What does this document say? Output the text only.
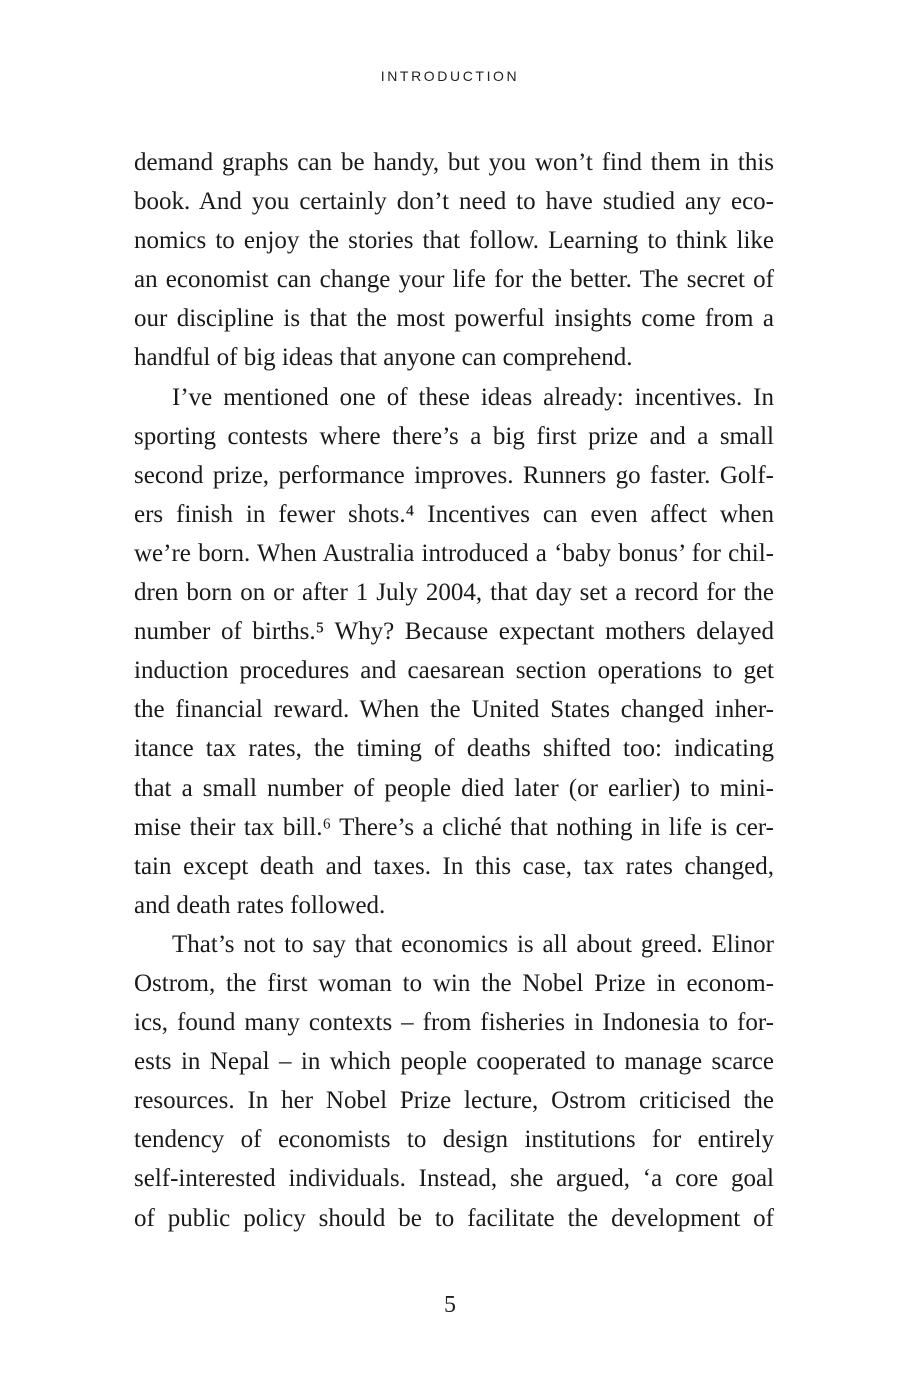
INTRODUCTION
demand graphs can be handy, but you won’t find them in this
book. And you certainly don’t need to have studied any eco-
nomics to enjoy the stories that follow. Learning to think like
an economist can change your life for the better. The secret of
our discipline is that the most powerful insights come from a
handful of big ideas that anyone can comprehend.
I’ve mentioned one of these ideas already: incentives. In
sporting contests where there’s a big first prize and a small
second prize, performance improves. Runners go faster. Golf-
ers finish in fewer shots.⁴ Incentives can even affect when
we’re born. When Australia introduced a ‘baby bonus’ for chil-
dren born on or after 1 July 2004, that day set a record for the
number of births.⁵ Why? Because expectant mothers delayed
induction procedures and caesarean section operations to get
the financial reward. When the United States changed inher-
itance tax rates, the timing of deaths shifted too: indicating
that a small number of people died later (or earlier) to mini-
mise their tax bill.⁶ There’s a cliché that nothing in life is cer-
tain except death and taxes. In this case, tax rates changed,
and death rates followed.
That’s not to say that economics is all about greed. Elinor
Ostrom, the first woman to win the Nobel Prize in econom-
ics, found many contexts – from fisheries in Indonesia to for-
ests in Nepal – in which people cooperated to manage scarce
resources. In her Nobel Prize lecture, Ostrom criticised the
tendency of economists to design institutions for entirely
self-interested individuals. Instead, she argued, ‘a core goal
of public policy should be to facilitate the development of
5
